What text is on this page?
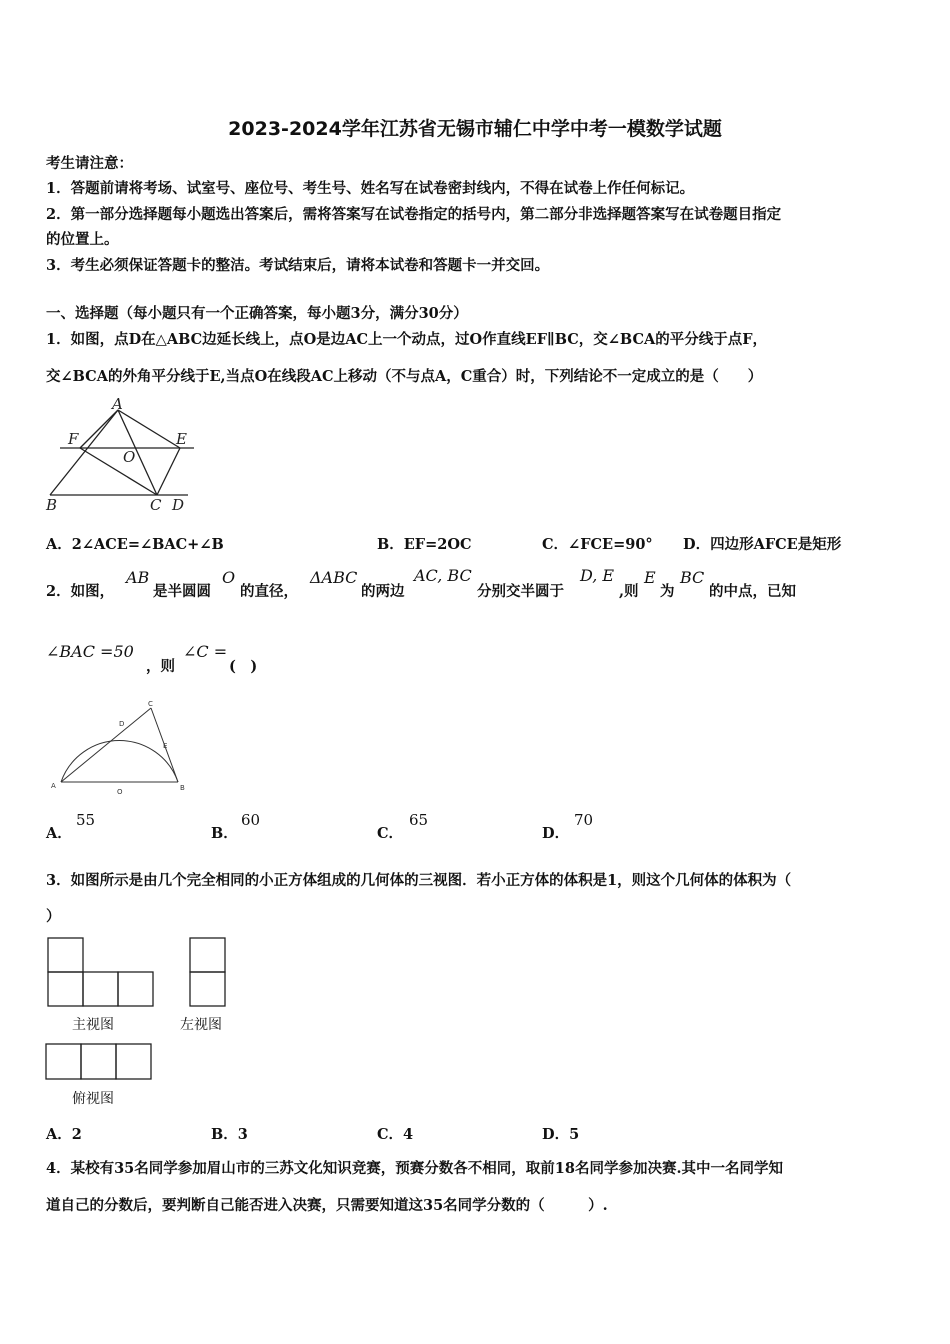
2023-2024学年江苏省无锡市辅仁中学中考一模数学试题
考生请注意：
1．答题前请将考场、试室号、座位号、考生号、姓名写在试卷密封线内，不得在试卷上作任何标记。
2．第一部分选择题每小题选出答案后，需将答案写在试卷指定的括号内，第二部分非选择题答案写在试卷题目指定
的位置上。
3．考生必须保证答题卡的整洁。考试结束后，请将本试卷和答题卡一并交回。
一、选择题（每小题只有一个正确答案，每小题3分，满分30分）
1．如图，点D在△ABC边延长线上，点O是边AC上一个动点，过O作直线EF∥BC，交∠BCA的平分线于点F，
交∠BCA的外角平分线于E,当点O在线段AC上移动（不与点A，C重合）时，下列结论不一定成立的是（　　）
A
F	E
O
B	C D
A．2∠ACE=∠BAC+∠B	B．EF=2OC	C．∠FCE=90° D．四边形AFCE是矩形
2．如图，
AB
是半圆圆
O
的直径，
ΔABC
的两边
AC, BC
分别交半圆于
D, E
,则
E
为
BC
的中点，已知
∠BAC =50
，则
∠C =
(　)
A
O	B
D
C
E
A．
55
B．
60
C．
65
D．
70
3．如图所示是由几个完全相同的小正方体组成的几何体的三视图．若小正方体的体积是1，则这个几何体的体积为（
）
主视图	左视图
俯视图
A．2	B．3	C．4	D．5
4．某校有35名同学参加眉山市的三苏文化知识竞赛，预赛分数各不相同，取前18名同学参加决赛.其中一名同学知
道自己的分数后，要判断自己能否进入决赛，只需要知道这35名同学分数的（　　　）.
